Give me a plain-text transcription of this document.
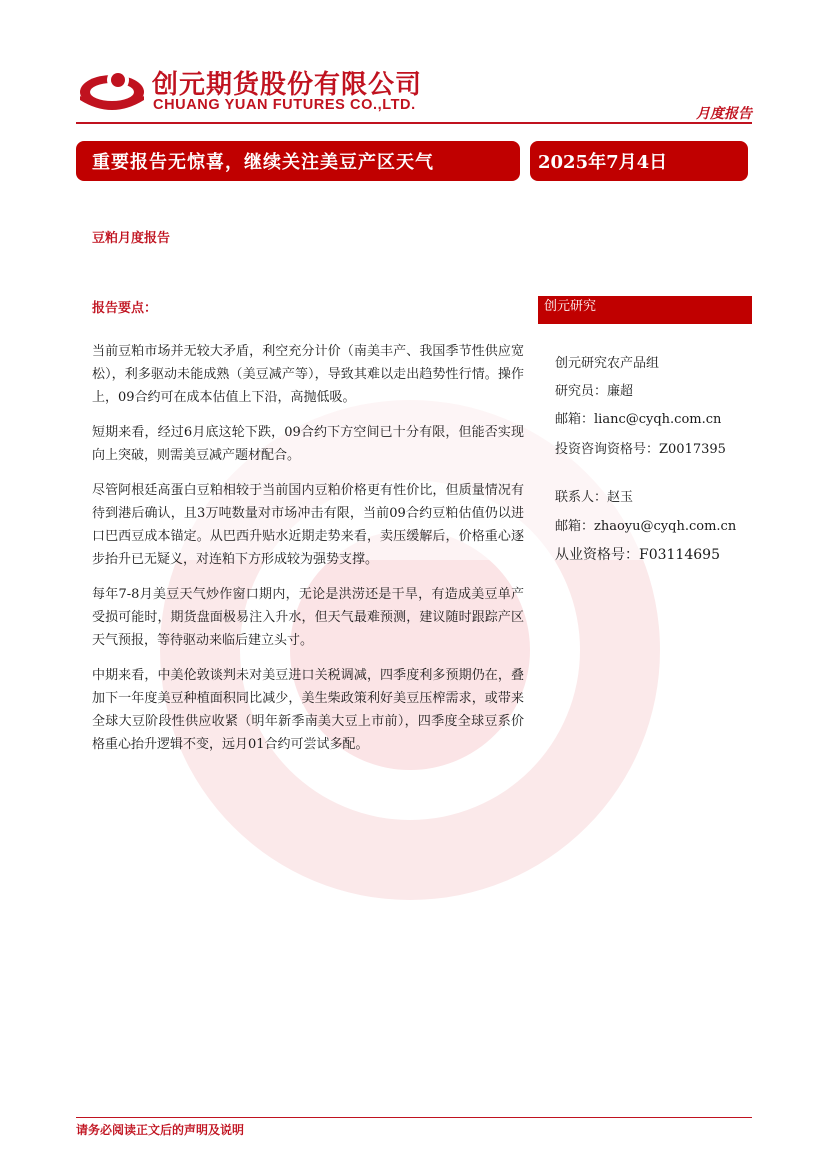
创元期货股份有限公司
CHUANG YUAN FUTURES CO.,LTD.
月度报告
重要报告无惊喜，继续关注美豆产区天气	2025年7月4日
豆粕月度报告
报告要点：

当前豆粕市场并无较大矛盾，利空充分计价（南美丰产、我国季节性供应宽松），利多驱动未能成熟（美豆减产等），导致其难以走出趋势性行情。操作上，09合约可在成本估值上下沿，高抛低吸。

短期来看，经过6月底这轮下跌，09合约下方空间已十分有限，但能否实现向上突破，则需美豆减产题材配合。

尽管阿根廷高蛋白豆粕相较于当前国内豆粕价格更有性价比，但质量情况有待到港后确认，且3万吨数量对市场冲击有限，当前09合约豆粕估值仍以进口巴西豆成本锚定。从巴西升贴水近期走势来看，卖压缓解后，价格重心逐步抬升已无疑义，对连粕下方形成较为强势支撑。

每年7-8月美豆天气炒作窗口期内，无论是洪涝还是干旱，有造成美豆单产受损可能时，期货盘面极易注入升水，但天气最难预测，建议随时跟踪产区天气预报，等待驱动来临后建立头寸。

中期来看，中美伦敦谈判未对美豆进口关税调减，四季度利多预期仍在，叠加下一年度美豆种植面积同比减少，美生柴政策利好美豆压榨需求，或带来全球大豆阶段性供应收紧（明年新季南美大豆上市前），四季度全球豆系价格重心抬升逻辑不变，远月01合约可尝试多配。

创元研究
创元研究农产品组
研究员：廉超
邮箱：lianc@cyqh.com.cn
投资咨询资格号：Z0017395
联系人：赵玉
邮箱：zhaoyu@cyqh.com.cn
从业资格号：F03114695
请务必阅读正文后的声明及说明
